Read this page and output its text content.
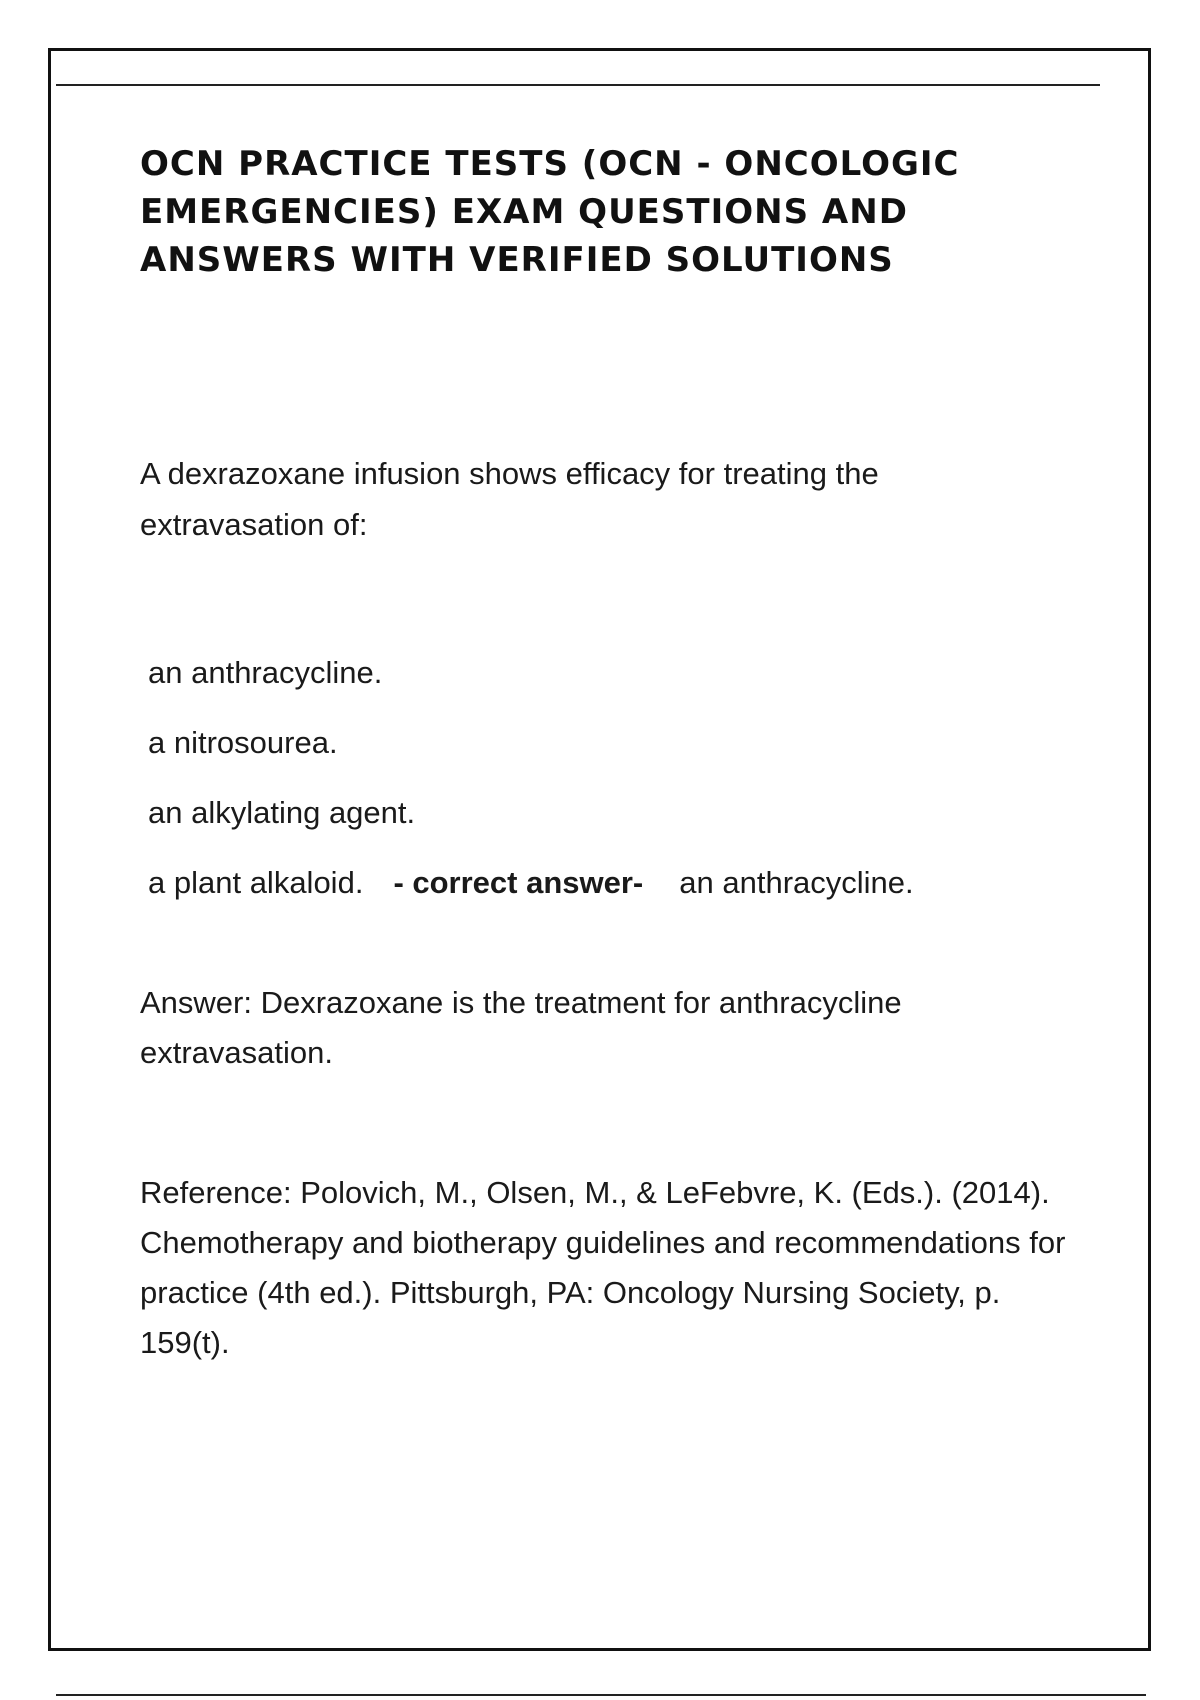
OCN PRACTICE TESTS (OCN - ONCOLOGIC EMERGENCIES) EXAM QUESTIONS AND ANSWERS WITH VERIFIED SOLUTIONS

A dexrazoxane infusion shows efficacy for treating the extravasation of:

an anthracycline.
a nitrosourea.
an alkylating agent.
a plant alkaloid. - correct answer- an anthracycline.

Answer: Dexrazoxane is the treatment for anthracycline extravasation.

Reference: Polovich, M., Olsen, M., & LeFebvre, K. (Eds.). (2014). Chemotherapy and biotherapy guidelines and recommendations for practice (4th ed.). Pittsburgh, PA: Oncology Nursing Society, p. 159(t).
